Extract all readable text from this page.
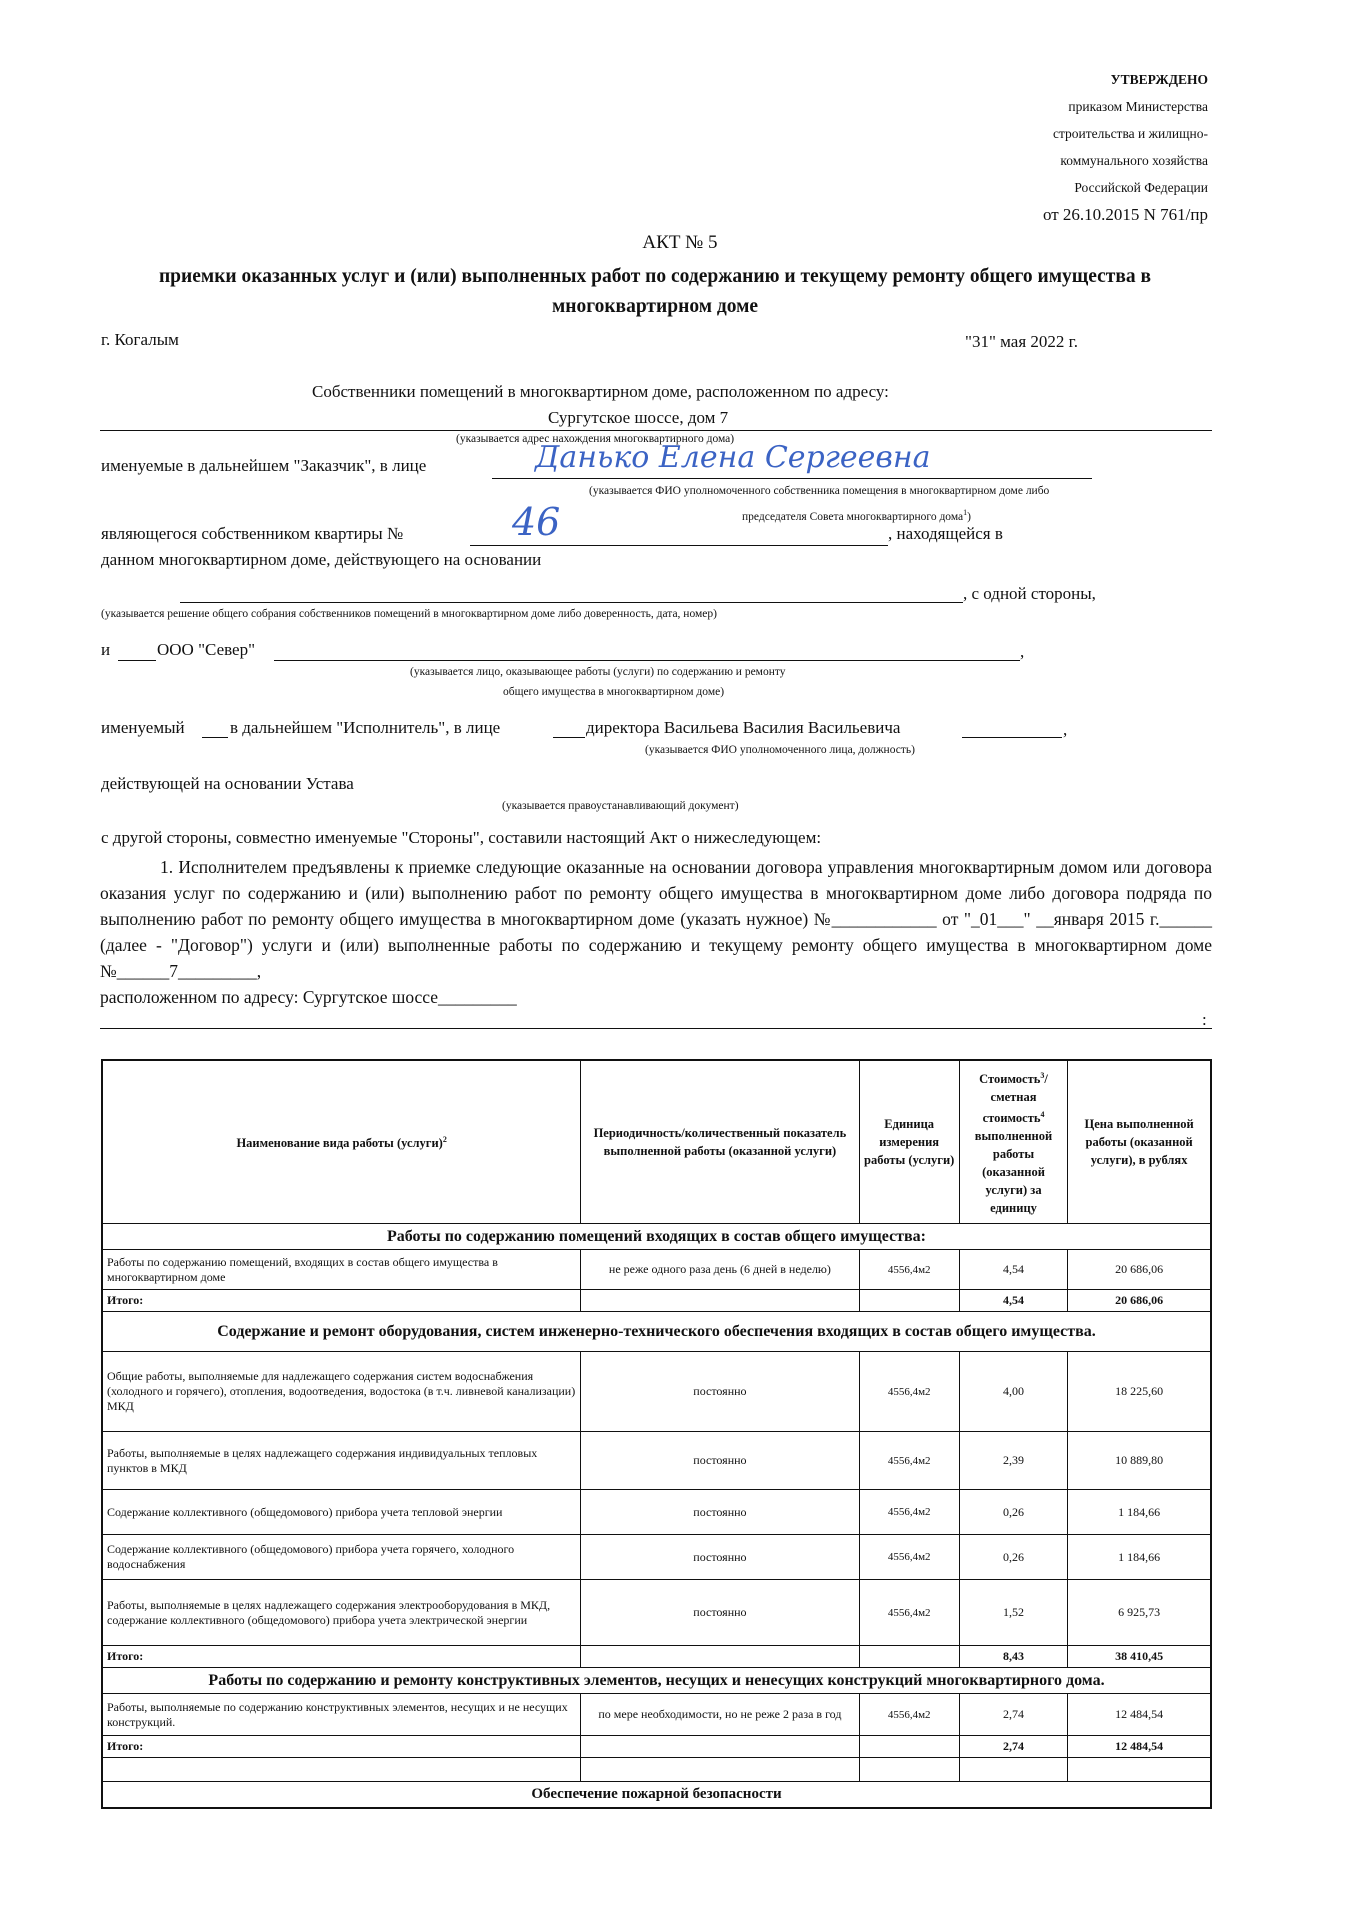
УТВЕРЖДЕНО
приказом Министерства
строительства и жилищно-
коммунального хозяйства
Российской Федерации
от 26.10.2015 N 761/пр
АКТ № 5
приемки оказанных услуг и (или) выполненных работ по содержанию и текущему ремонту общего имущества в многоквартирном доме
г. Когалым	"31" мая 2022 г.
Собственники помещений в многоквартирном доме, расположенном по адресу:
Сургутское шоссе, дом 7
(указывается адрес нахождения многоквартирного дома)
именуемые в дальнейшем "Заказчик", в лице	Данько Елена Сергеевна
(указывается ФИО уполномоченного собственника помещения в многоквартирном доме либо
председателя Совета многоквартирного дома$^1$)
являющегося собственником квартиры №	46	, находящейся в
данном многоквартирном доме, действующего на основании
, с одной стороны,
(указывается решение общего собрания собственников помещений в многоквартирном доме либо доверенность, дата, номер)
и	ООО "Север"	,
(указывается лицо, оказывающее работы (услуги) по содержанию и ремонту
общего имущества в многоквартирном доме)
именуемый	в дальнейшем "Исполнитель", в лице	директора Васильева Василия Васильевича	,
(указывается ФИО уполномоченного лица, должность)
действующей на основании Устава
(указывается правоустанавливающий документ)
с другой стороны, совместно именуемые "Стороны", составили настоящий Акт о нижеследующем:

1. Исполнителем предъявлены к приемке следующие оказанные на основании договора управления многоквартирным домом или договора оказания услуг по содержанию и (или) выполнению работ по ремонту общего имущества в многоквартирном доме либо договора подряда по выполнению работ по ремонту общего имущества в многоквартирном доме (указать нужное) №____________ от "_01___" __января 2015 г.______ (далее - "Договор") услуги и (или) выполненные работы по содержанию и текущему ремонту общего имущества в многоквартирном доме №______7_________,

расположенном по адресу: Сургутское шоссе_________
:
Наименование вида работы (услуги)$^2$	Периодичность/количественный показатель выполненной работы (оказанной услуги)	Единица измерения работы (услуги)	Стоимость$^3$/сметная стоимость$^4$ выполненной работы (оказанной услуги) за единицу	Цена выполненной работы (оказанной услуги), в рублях
Работы по содержанию помещений входящих в состав общего имущества:				
Работы по содержанию помещений, входящих в состав общего имущества в многоквартирном доме	не реже одного раза день (6 дней в неделю)	4556,4м2	4,54	20 686,06
Итого:			4,54	20 686,06
Содержание и ремонт оборудования, систем инженерно-технического обеспечения входящих в состав общего имущества.				
Общие работы, выполняемые для надлежащего содержания систем водоснабжения (холодного и горячего), отопления, водоотведения, водостока (в т.ч. ливневой канализации) МКД	постоянно	4556,4м2	4,00	18 225,60
Работы, выполняемые в целях надлежащего содержания индивидуальных тепловых пунктов в МКД	постоянно	4556,4м2	2,39	10 889,80
Содержание коллективного (общедомового) прибора учета тепловой энергии	постоянно	4556,4м2	0,26	1 184,66
Содержание коллективного (общедомового) прибора учета горячего, холодного водоснабжения	постоянно	4556,4м2	0,26	1 184,66
Работы, выполняемые в целях надлежащего содержания электрооборудования в МКД, содержание коллективного (общедомового) прибора учета электрической энергии	постоянно	4556,4м2	1,52	6 925,73
Итого:			8,43	38 410,45
Работы по содержанию и ремонту конструктивных элементов, несущих и ненесущих конструкций многоквартирного дома.				
Работы, выполняемые по содержанию конструктивных элементов, несущих и не несущих конструкций.	по мере необходимости, но не реже 2 раза в год	4556,4м2	2,74	12 484,54
Итого:			2,74	12 484,54

Обеспечение пожарной безопасности				
